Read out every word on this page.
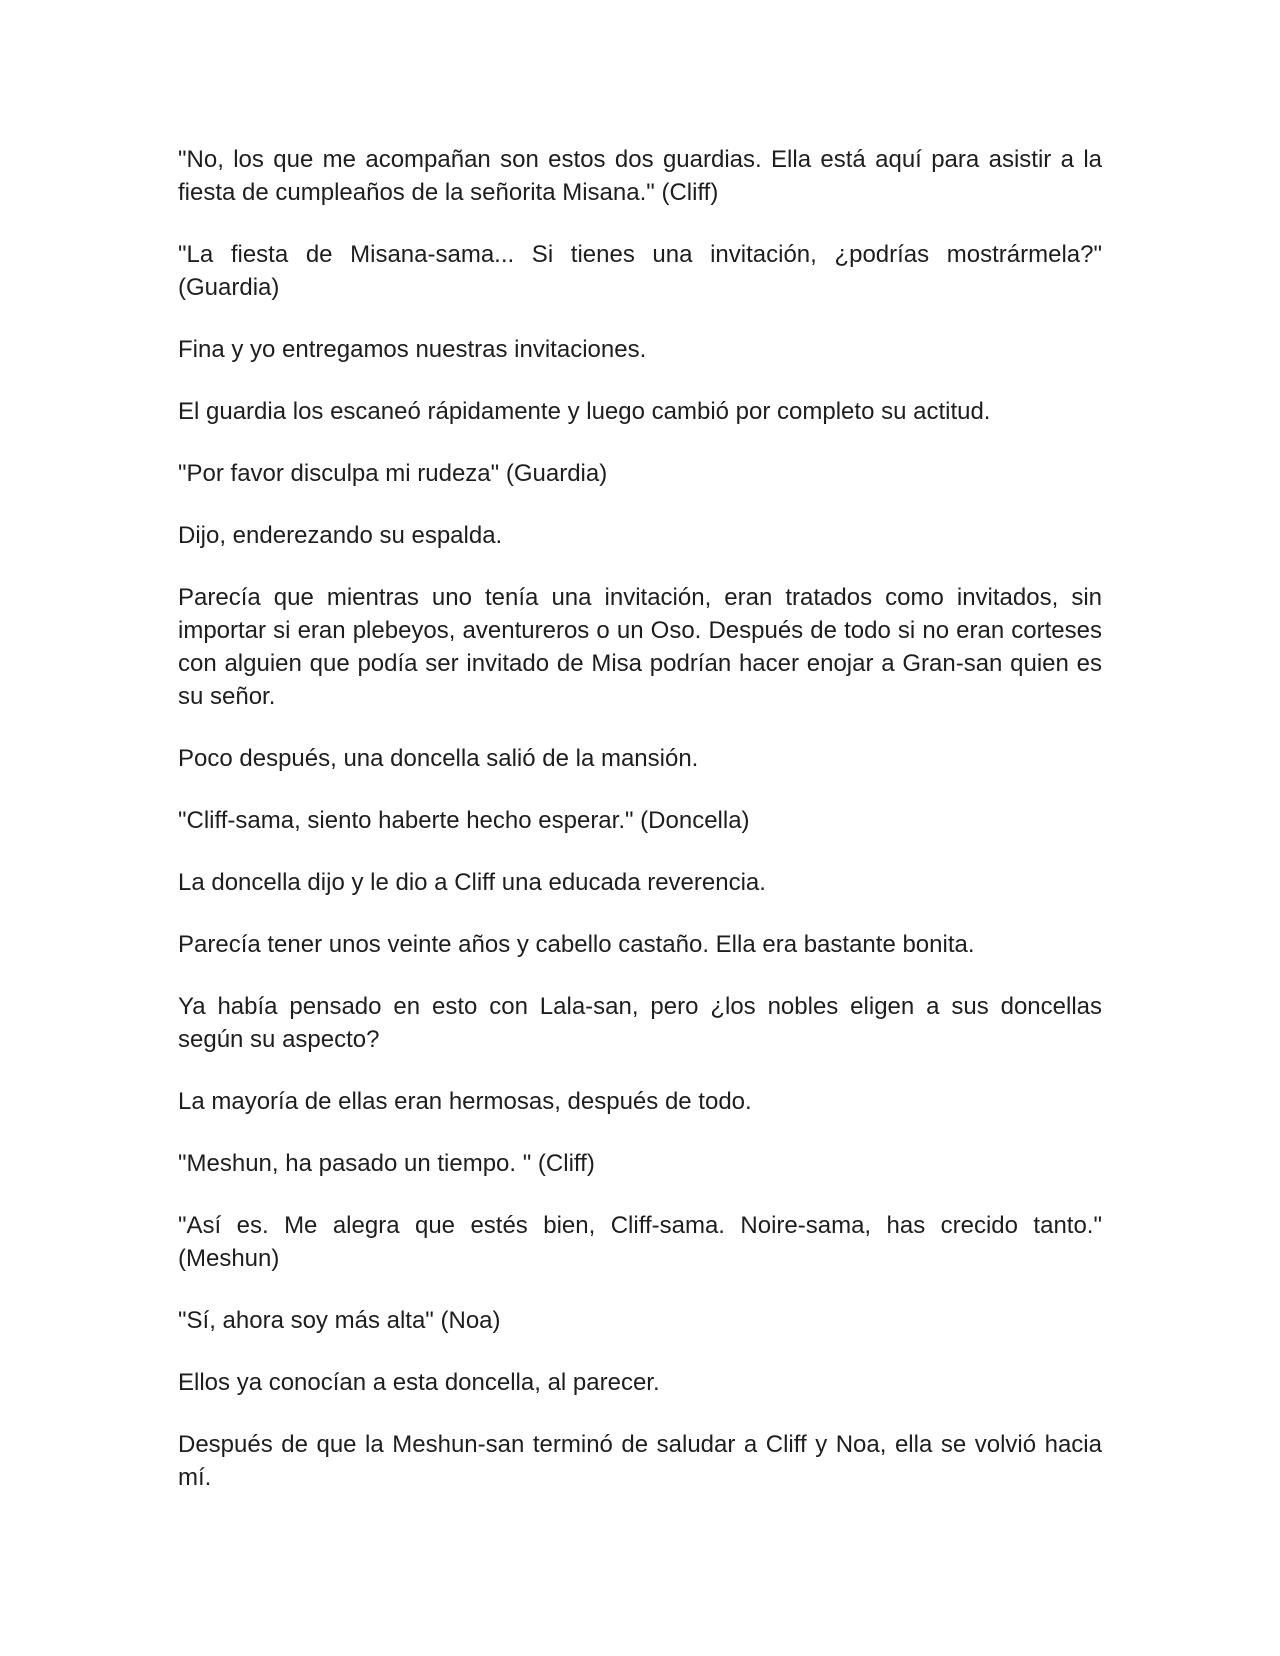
"No, los que me acompañan son estos dos guardias. Ella está aquí para asistir a la fiesta de cumpleaños de la señorita Misana." (Cliff)

"La fiesta de Misana-sama... Si tienes una invitación, ¿podrías mostrármela?" (Guardia)

Fina y yo entregamos nuestras invitaciones.

El guardia los escaneó rápidamente y luego cambió por completo su actitud.

"Por favor disculpa mi rudeza" (Guardia)

Dijo, enderezando su espalda.

Parecía que mientras uno tenía una invitación, eran tratados como invitados, sin importar si eran plebeyos, aventureros o un Oso. Después de todo si no eran corteses con alguien que podía ser invitado de Misa podrían hacer enojar a Gran-san quien es su señor.

Poco después, una doncella salió de la mansión.

"Cliff-sama, siento haberte hecho esperar." (Doncella)

La doncella dijo y le dio a Cliff una educada reverencia.

Parecía tener unos veinte años y cabello castaño. Ella era bastante bonita.

Ya había pensado en esto con Lala-san, pero ¿los nobles eligen a sus doncellas según su aspecto?

La mayoría de ellas eran hermosas, después de todo.

"Meshun, ha pasado un tiempo. " (Cliff)

"Así es. Me alegra que estés bien, Cliff-sama. Noire-sama, has crecido tanto." (Meshun)

"Sí, ahora soy más alta" (Noa)

Ellos ya conocían a esta doncella, al parecer.

Después de que la Meshun-san terminó de saludar a Cliff y Noa, ella se volvió hacia mí.
